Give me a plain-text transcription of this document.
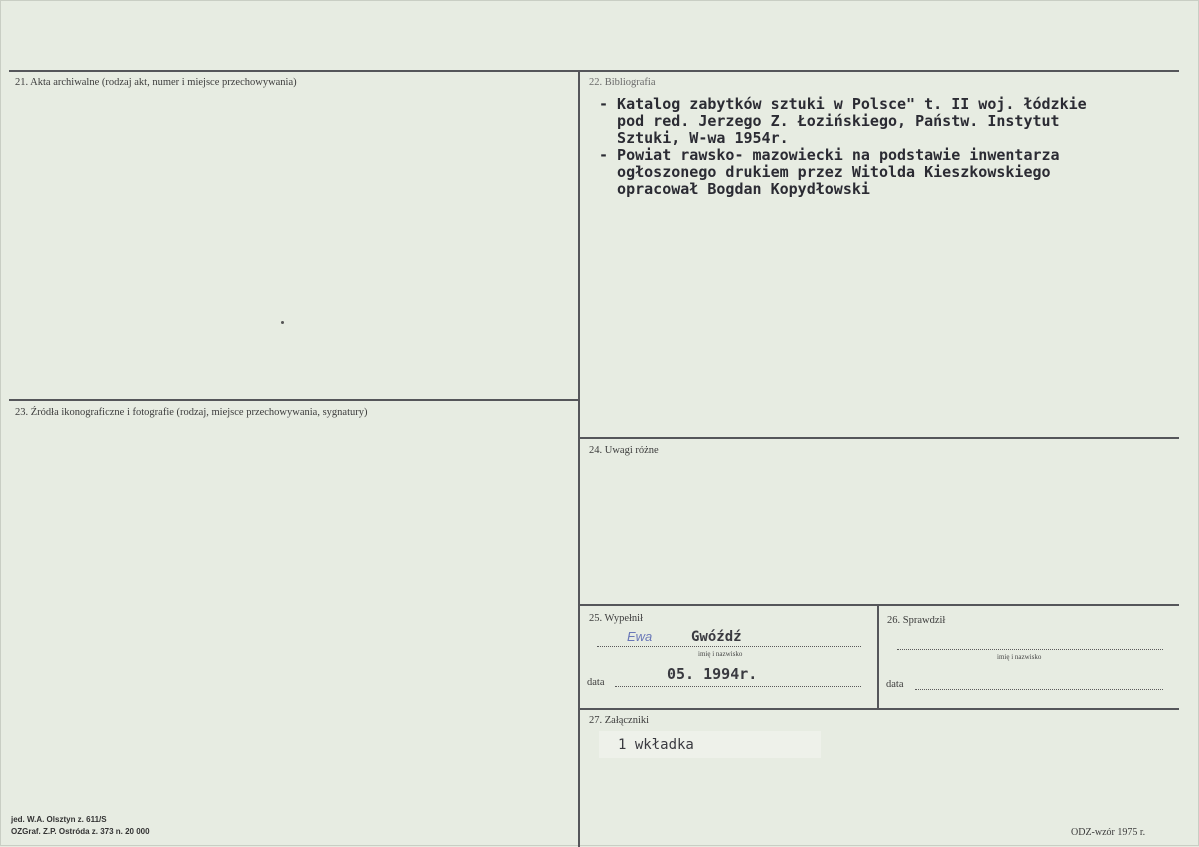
21. Akta archiwalne (rodzaj akt, numer i miejsce przechowywania)	22. Bibliografia
- Katalog zabytków sztuki w Polsce" t. II woj. łódzkie
pod red. Jerzego Z. Łozińskiego, Państw. Instytut
Sztuki, W-wa 1954r.
- Powiat rawsko- mazowiecki na podstawie inwentarza
ogłoszonego drukiem przez Witolda Kieszkowskiego
opracował Bogdan Kopydłowski
23. Źródła ikonograficzne i fotografie (rodzaj, miejsce przechowywania, sygnatury)
24. Uwagi różne
25. Wypełnił
Ewa	Gwóźdź
imię i nazwisko
05. 1994r.
data
26. Sprawdził
imię i nazwisko
data
27. Załączniki
1 wkładka
jed. W.A. Olsztyn z. 611/S
OZGraf. Z.P. Ostróda z. 373 n. 20 000	ODZ-wzór 1975 r.
